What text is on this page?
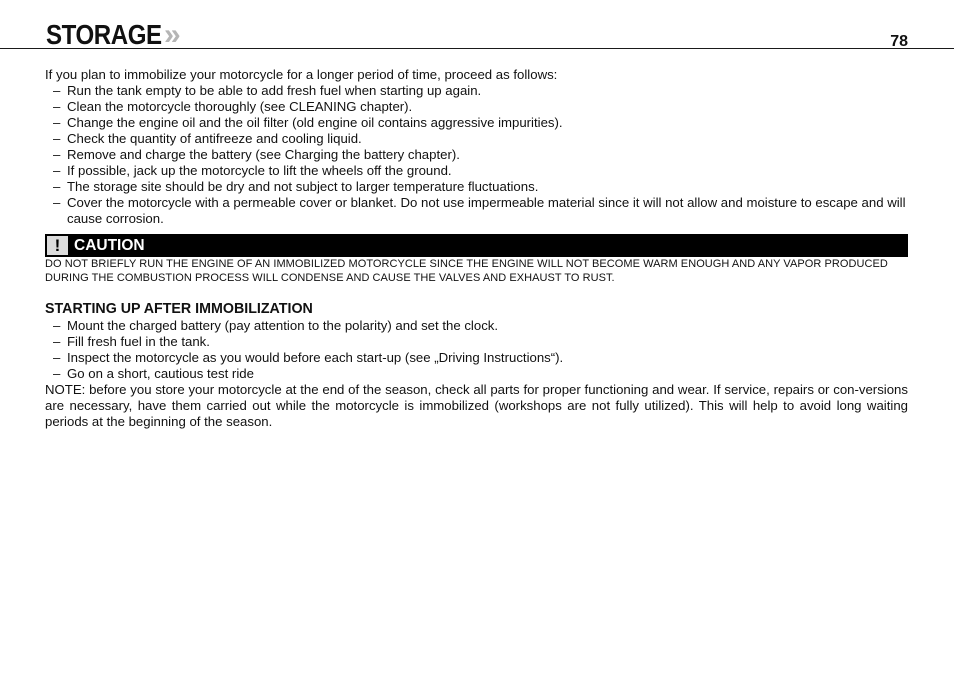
STORAGE »	78

If you plan to immobilize your motorcycle for a longer period of time, proceed as follows:

– Run the tank empty to be able to add fresh fuel when starting up again.
– Clean the motorcycle thoroughly (see CLEANING chapter).
– Change the engine oil and the oil filter (old engine oil contains aggressive impurities).
– Check the quantity of antifreeze and cooling liquid.
– Remove and charge the battery (see Charging the battery chapter).
– If possible, jack up the motorcycle to lift the wheels off the ground.
– The storage site should be dry and not subject to larger temperature fluctuations.
– Cover the motorcycle with a permeable cover or blanket. Do not use impermeable material since it will not allow and moisture to escape and will cause corrosion.
! CAUTION

DO NOT BRIEFLY RUN THE ENGINE OF AN IMMOBILIZED MOTORCYCLE SINCE THE ENGINE WILL NOT BECOME WARM ENOUGH AND ANY VAPOR PRODUCED DURING THE COMBUSTION PROCESS WILL CONDENSE AND CAUSE THE VALVES AND EXHAUST TO RUST.

STARTING UP AFTER IMMOBILIZATION
– Mount the charged battery (pay attention to the polarity) and set the clock.
– Fill fresh fuel in the tank.
– Inspect the motorcycle as you would before each start-up (see „Driving Instructions“).
– Go on a short, cautious test ride

NOTE: before you store your motorcycle at the end of the season, check all parts for proper functioning and wear. If service, repairs or con-versions are necessary, have them carried out while the motorcycle is immobilized (workshops are not fully utilized). This will help to avoid long waiting periods at the beginning of the season.
